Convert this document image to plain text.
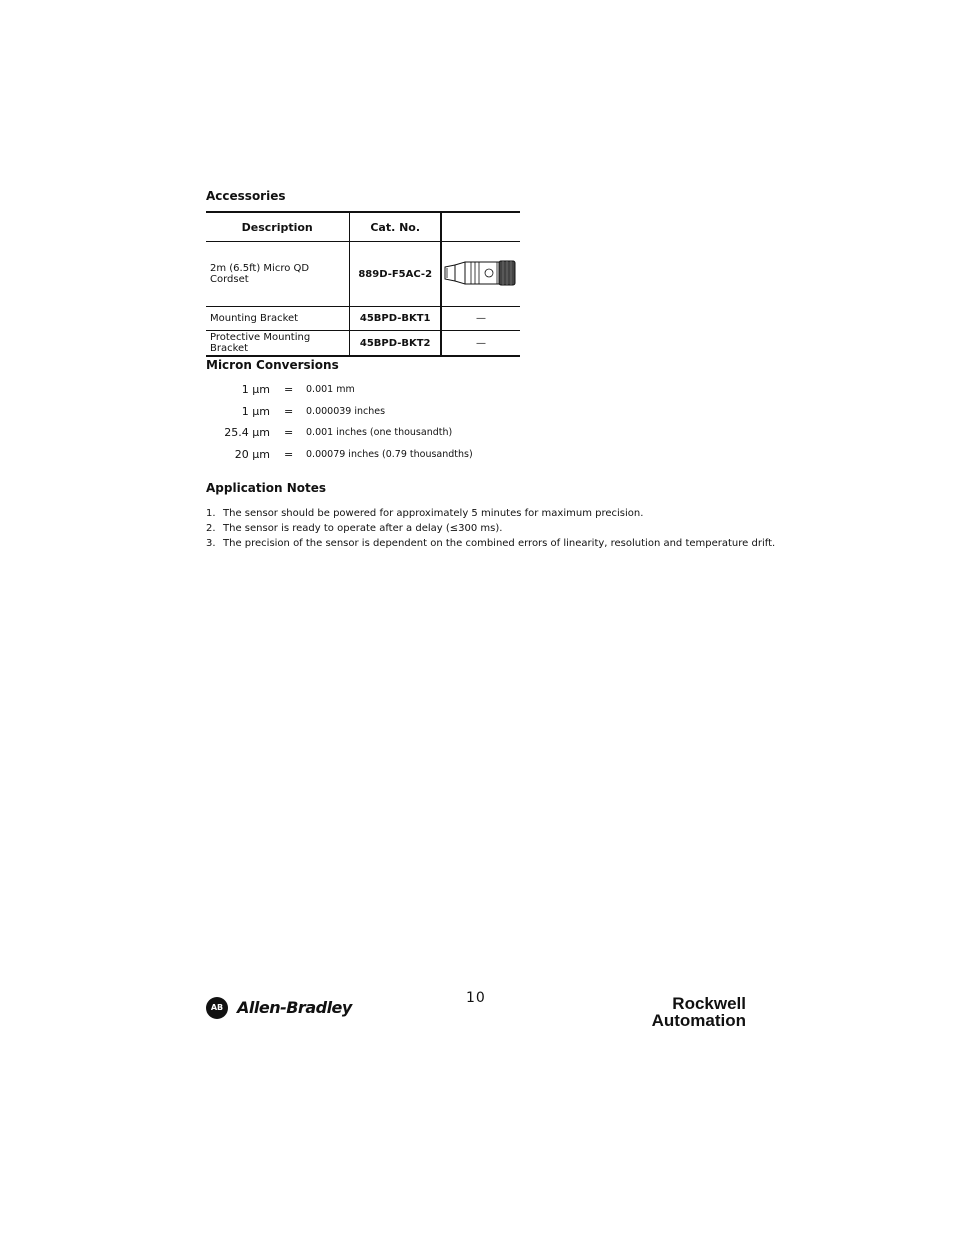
Accessories
Description	Cat. No.	
2m (6.5ft) Micro QD Cordset	889D-F5AC-2	
Mounting Bracket	45BPD-BKT1	—
Protective Mounting Bracket	45BPD-BKT2	—
Micron Conversions
1 µm = 0.001 mm
1 µm = 0.000039 inches
25.4 µm = 0.001 inches (one thousandth)
20 µm = 0.00079 inches (0.79 thousandths)
Application Notes
1. The sensor should be powered for approximately 5 minutes for maximum precision.
2. The sensor is ready to operate after a delay (≤300 ms).
3. The precision of the sensor is dependent on the combined errors of linearity, resolution and temperature drift.
AB Allen-Bradley	10	Rockwell
Automation
